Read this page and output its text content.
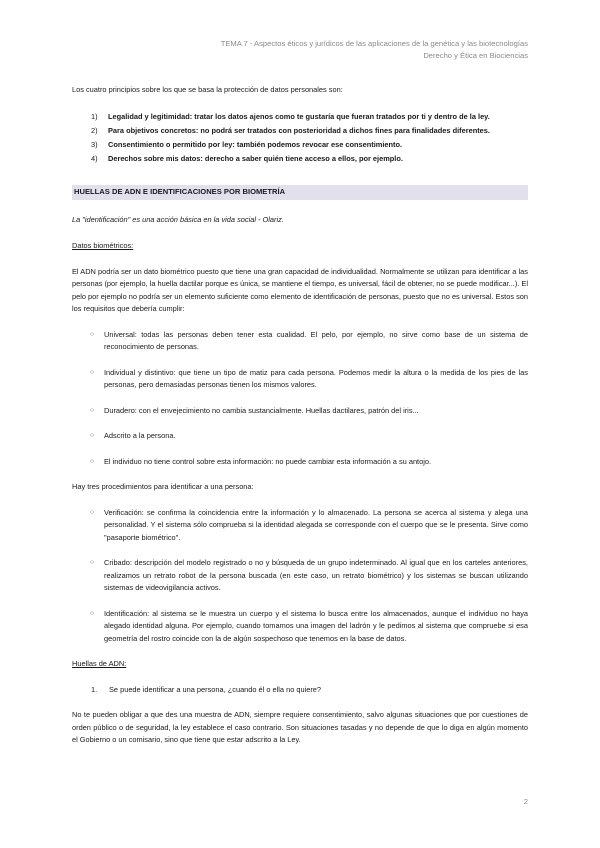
TEMA 7 - Aspectos éticos y jurídicos de las aplicaciones de la genética y las biotecnologías
Derecho y Ética en Biociencias

Los cuatro principios sobre los que se basa la protección de datos personales son:

1)	Legalidad y legitimidad: tratar los datos ajenos como te gustaría que fueran tratados por ti y dentro de la ley.
2)	Para objetivos concretos: no podrá ser tratados con posterioridad a dichos fines para finalidades diferentes.
3)	Consentimiento o permitido por ley: también podemos revocar ese consentimiento.
4)	Derechos sobre mis datos: derecho a saber quién tiene acceso a ellos, por ejemplo.
HUELLAS DE ADN E IDENTIFICACIONES POR BIOMETRÍA

La "identificación" es una acción básica en la vida social - Olariz.

Datos biométricos:

El ADN podría ser un dato biométrico puesto que tiene una gran capacidad de individualidad. Normalmente se utilizan para identificar a las personas (por ejemplo, la huella dactilar porque es única, se mantiene el tiempo, es universal, fácil de obtener, no se puede modificar...). El pelo por ejemplo no podría ser un elemento suficiente como elemento de identificación de personas, puesto que no es universal. Estos son los requisitos que debería cumplir:

○	Universal: todas las personas deben tener esta cualidad. El pelo, por ejemplo, no sirve como base de un sistema de reconocimiento de personas.
○	Individual y distintivo: que tiene un tipo de matiz para cada persona. Podemos medir la altura o la medida de los pies de las personas, pero demasiadas personas tienen los mismos valores.
○	Duradero: con el envejecimiento no cambia sustancialmente. Huellas dactilares, patrón del iris...
○	Adscrito a la persona.
○	El individuo no tiene control sobre esta información: no puede cambiar esta información a su antojo.

Hay tres procedimientos para identificar a una persona:

○	Verificación: se confirma la coincidencia entre la información y lo almacenado. La persona se acerca al sistema y alega una personalidad. Y el sistema sólo comprueba si la identidad alegada se corresponde con el cuerpo que se le presenta. Sirve como "pasaporte biométrico".
○	Cribado: descripción del modelo registrado o no y búsqueda de un grupo indeterminado. Al igual que en los carteles anteriores, realizamos un retrato robot de la persona buscada (en este caso, un retrato biométrico) y los sistemas se buscan utilizando sistemas de videovigilancia activos.
○	Identificación: al sistema se le muestra un cuerpo y el sistema lo busca entre los almacenados, aunque el individuo no haya alegado identidad alguna. Por ejemplo, cuando tomamos una imagen del ladrón y le pedimos al sistema que compruebe si esa geometría del rostro coincide con la de algún sospechoso que tenemos en la base de datos.

Huellas de ADN:

1.	Se puede identificar a una persona, ¿cuando él o ella no quiere?

No te pueden obligar a que des una muestra de ADN, siempre requiere consentimiento, salvo algunas situaciones que por cuestiones de orden público o de seguridad, la ley establece el caso contrario. Son situaciones tasadas y no depende de que lo diga en algún momento el Gobierno o un comisario, sino que tiene que estar adscrito a la Ley.

2
